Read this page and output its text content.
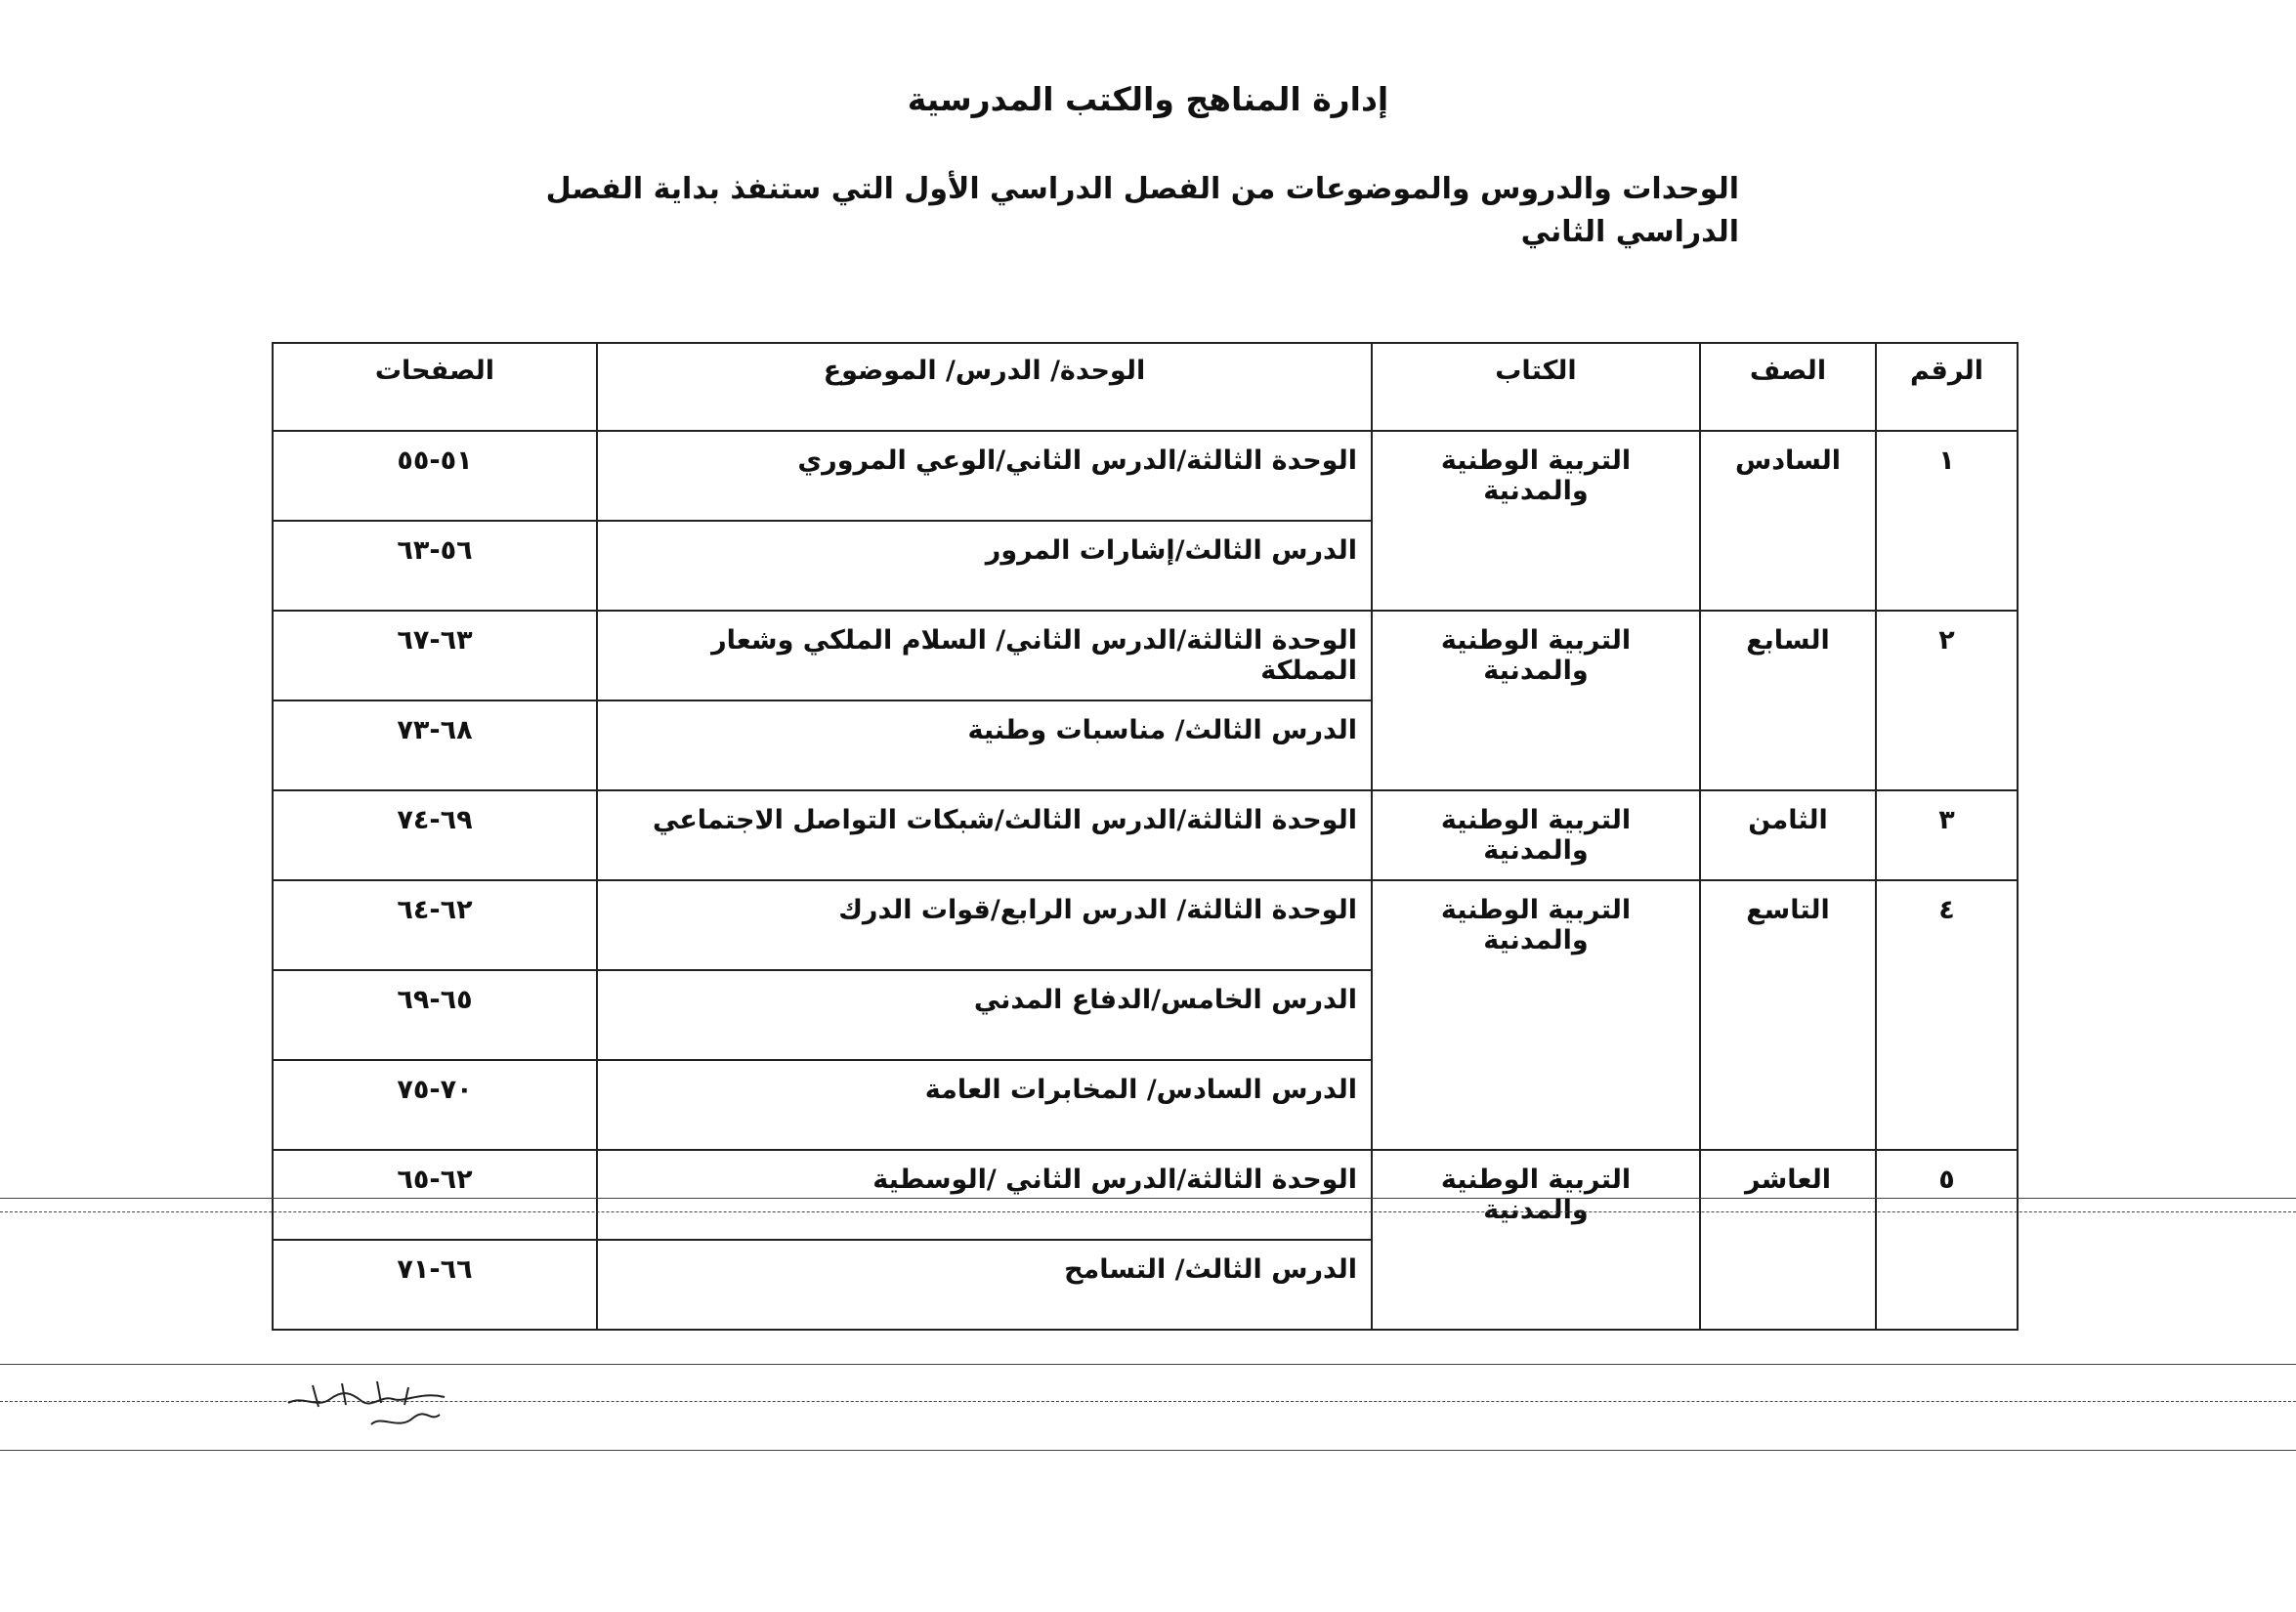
إدارة المناهج والكتب المدرسية
الوحدات والدروس والموضوعات من الفصل الدراسي الأول التي ستنفذ بداية الفصل الدراسي الثاني
الرقم	الصف	الكتاب	الوحدة/ الدرس/ الموضوع	الصفحات
١	السادس	التربية الوطنية والمدنية	الوحدة الثالثة/الدرس الثاني/الوعي المروري	٥١-٥٥
			الدرس الثالث/إشارات المرور	٥٦-٦٣
٢	السابع	التربية الوطنية والمدنية	الوحدة الثالثة/الدرس الثاني/ السلام الملكي وشعار المملكة	٦٣-٦٧
			الدرس الثالث/ مناسبات وطنية	٦٨-٧٣
٣	الثامن	التربية الوطنية والمدنية	الوحدة الثالثة/الدرس الثالث/شبكات التواصل الاجتماعي	٦٩-٧٤
٤	التاسع	التربية الوطنية والمدنية	الوحدة الثالثة/ الدرس الرابع/قوات الدرك	٦٢-٦٤
			الدرس الخامس/الدفاع المدني	٦٥-٦٩
			الدرس السادس/ المخابرات العامة	٧٠-٧٥
٥	العاشر	التربية الوطنية والمدنية	الوحدة الثالثة/الدرس الثاني /الوسطية	٦٢-٦٥
			الدرس الثالث/ التسامح	٦٦-٧١
